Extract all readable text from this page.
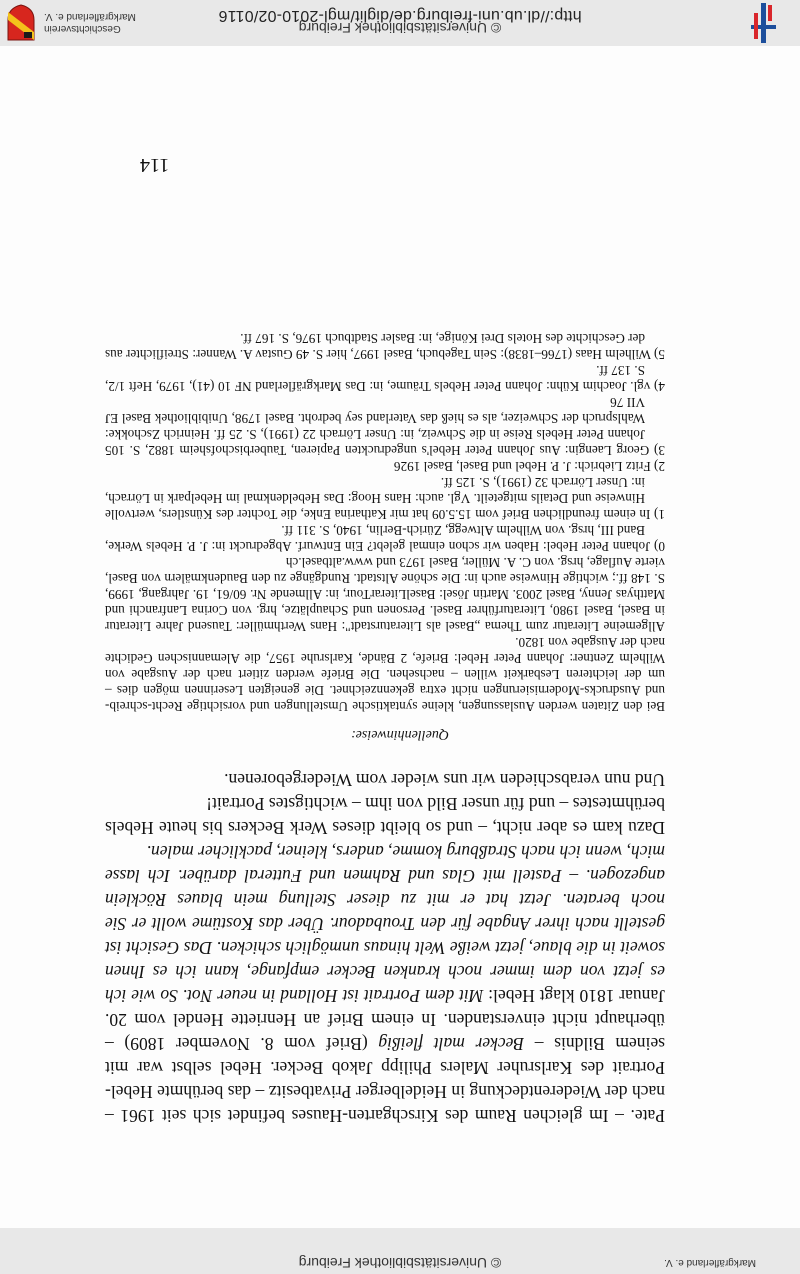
© Universitätsbibliothek Freiburg	Markgräflerland e. V.

Pate. – Im gleichen Raum des Kirschgarten-Hauses befindet sich seit 1961 – nach der Wiederentdeckung in Heidelberger Privatbesitz – das berühmte Hebel-Portrait des Karlsruher Malers Philipp Jakob Becker. Hebel selbst war mit seinem Bildnis – Becker malt fleißig (Brief vom 8. November 1809) – überhaupt nicht einverstanden. In einem Brief an Henriette Hendel vom 20. Januar 1810 klagt Hebel: Mit dem Portrait ist Holland in neuer Not. So wie ich es jetzt von dem immer noch kranken Becker empfange, kann ich es Ihnen soweit in die blaue, jetzt weiße Welt hinaus unmöglich schicken. Das Gesicht ist gestellt nach ihrer Angabe für den Troubadour. Über das Kostüme wollt er Sie noch beraten. Jetzt hat er mit zu dieser Stellung mein blaues Röcklein angezogen. – Pastell mit Glas und Rahmen und Futteral darüber. Ich lasse mich, wenn ich nach Straßburg komme, anders, kleiner, packlicher malen.

Dazu kam es aber nicht, – und so bleibt dieses Werk Beckers bis heute Hebels berühmtestes – und für unser Bild von ihm – wichtigstes Portrait!

Und nun verabschieden wir uns wieder vom Wiedergeborenen.

Quellenhinweise:

Bei den Zitaten werden Auslassungen, kleine syntaktische Umstellungen und vorsichtige Recht-schreib- und Ausdrucks-Modernisierungen nicht extra gekennzeichnet. Die geneigten Leserinnen mögen dies – um der leichteren Lesbarkeit willen – nachsehen. Die Briefe werden zitiert nach der Ausgabe von Wilhelm Zentner: Johann Peter Hebel: Briefe, 2 Bände, Karlsruhe 1957, die Alemannischen Gedichte nach der Ausgabe von 1820.

Allgemeine Literatur zum Thema „Basel als Literaturstadt": Hans Werthmüller: Tausend Jahre Literatur in Basel, Basel 1980, Literaturführer Basel. Personen und Schauplätze, hrg. von Corina Lanfranchi und Matthyas Jenny, Basel 2003. Martin Jösel: BaselLiterarTour, in: Allmende Nr. 60/61, 19. Jahrgang, 1999, S. 148 ff.; wichtige Hinweise auch in: Die schöne Altstadt. Rundgänge zu den Baudenkmälern von Basel, vierte Auflage, hrsg. von C. A. Müller, Basel 1973 und www.altbasel.ch

0) Johann Peter Hebel: Haben wir schon einmal gelebt? Ein Entwurf. Abgedruckt in: J. P. Hebels Werke, Band III, hrsg. von Wilhelm Altwegg, Zürich-Berlin, 1940, S. 311 ff.

1) In einem freundlichen Brief vom 15.5.09 hat mir Katharina Enke, die Tochter des Künstlers, wertvolle Hinweise und Details mitgeteilt. Vgl. auch: Hans Hoog: Das Hebeldenkmal im Hebelpark in Lörrach, in: Unser Lörrach 32 (1991), S. 125 ff.

2) Fritz Liebrich: J. P. Hebel und Basel, Basel 1926

3) Georg Laengin: Aus Johann Peter Hebel's ungedruckten Papieren, Tauberbischofsheim 1882, S. 105 Johann Peter Hebels Reise in die Schweiz, in: Unser Lörrach 22 (1991), S. 25 ff. Heinrich Zschokke: Wahlspruch der Schweizer, als es hieß das Vaterland sey bedroht. Basel 1798, Unibibliothek Basel EJ VII 76

4) vgl. Joachim Kühn: Johann Peter Hebels Träume, in: Das Markgräflerland NF 10 (41), 1979, Heft 1/2, S. 137 ff.

5) Wilhelm Haas (1766–1838): Sein Tagebuch, Basel 1997, hier S. 49 Gustav A. Wanner: Streiflichter aus der Geschichte des Hotels Drei Könige, in: Basler Stadtbuch 1976, S. 167 ff.

114
© Universitätsbibliothek Freiburg
http://dl.ub.uni-freiburg.de/diglit/mgl-2010-02/0116
Geschichtsverein
Markgräflerland e. V.
